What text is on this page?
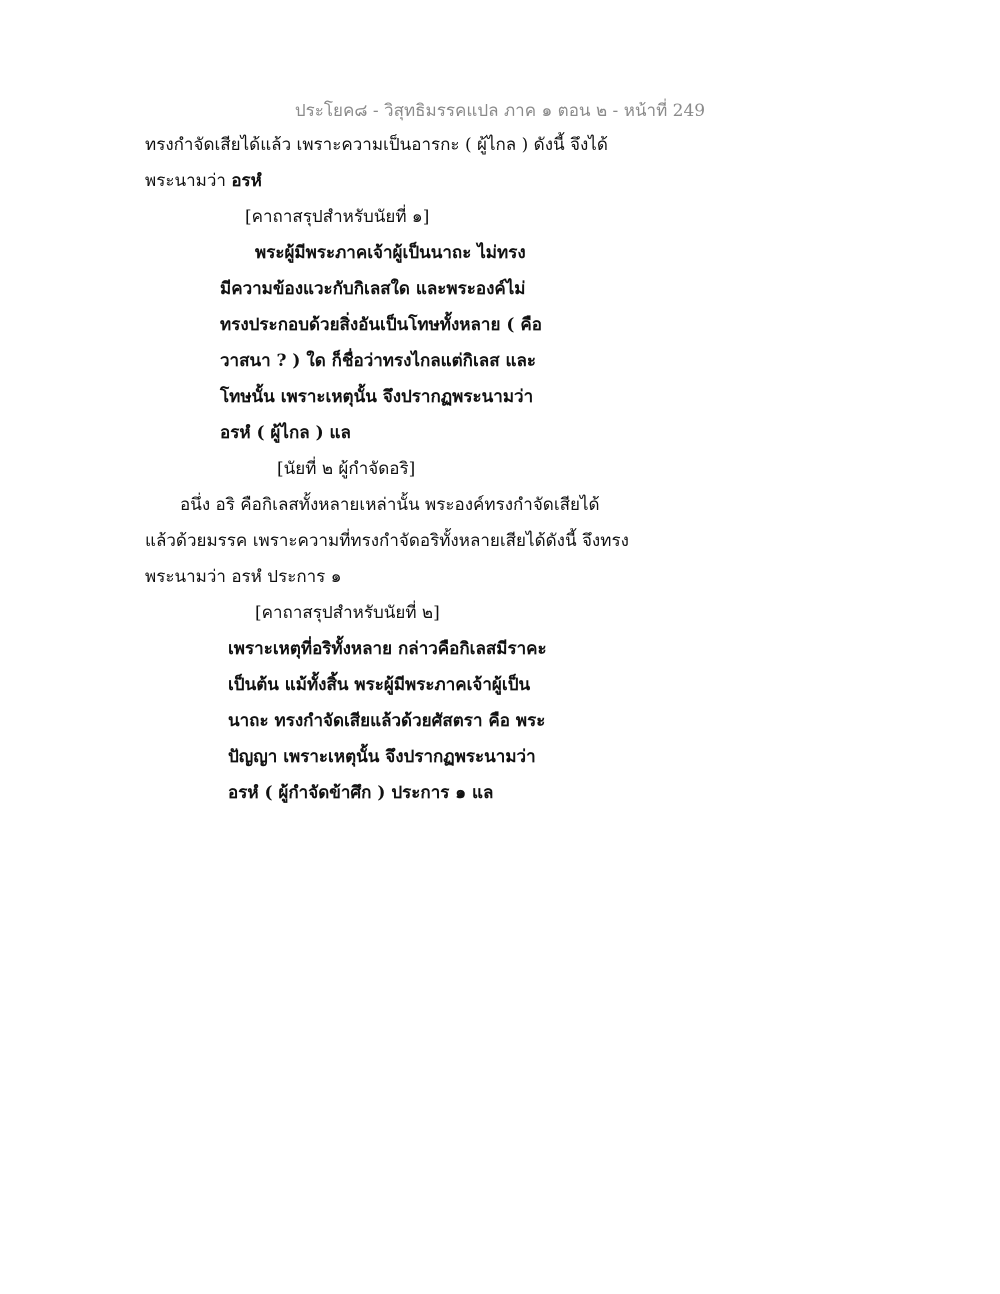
ประโยค๘ - วิสุทธิมรรคแปล ภาค ๑ ตอน ๒ - หน้าที่ 249
ทรงกำจัดเสียได้แล้ว เพราะความเป็นอารกะ ( ผู้ไกล ) ดังนี้ จึงได้
พระนามว่า อรหํ
[คาถาสรุปสำหรับนัยที่ ๑]
พระผู้มีพระภาคเจ้าผู้เป็นนาถะ ไม่ทรง
มีความข้องแวะกับกิเลสใด และพระองค์ไม่
ทรงประกอบด้วยสิ่งอันเป็นโทษทั้งหลาย ( คือ
วาสนา ? ) ใด ก็ชื่อว่าทรงไกลแต่กิเลส และ
โทษนั้น เพราะเหตุนั้น จึงปรากฏพระนามว่า
อรหํ ( ผู้ไกล ) แล
[นัยที่ ๒ ผู้กำจัดอริ]
อนึ่ง อริ คือกิเลสทั้งหลายเหล่านั้น พระองค์ทรงกำจัดเสียได้
แล้วด้วยมรรค เพราะความที่ทรงกำจัดอริทั้งหลายเสียได้ดังนี้ จึงทรง
พระนามว่า อรหํ ประการ ๑
[คาถาสรุปสำหรับนัยที่ ๒]
เพราะเหตุที่อริทั้งหลาย กล่าวคือกิเลสมีราคะ
เป็นต้น แม้ทั้งสิ้น พระผู้มีพระภาคเจ้าผู้เป็น
นาถะ ทรงกำจัดเสียแล้วด้วยศัสตรา คือ พระ
ปัญญา เพราะเหตุนั้น จึงปรากฏพระนามว่า
อรหํ ( ผู้กำจัดข้าศึก ) ประการ ๑ แล
